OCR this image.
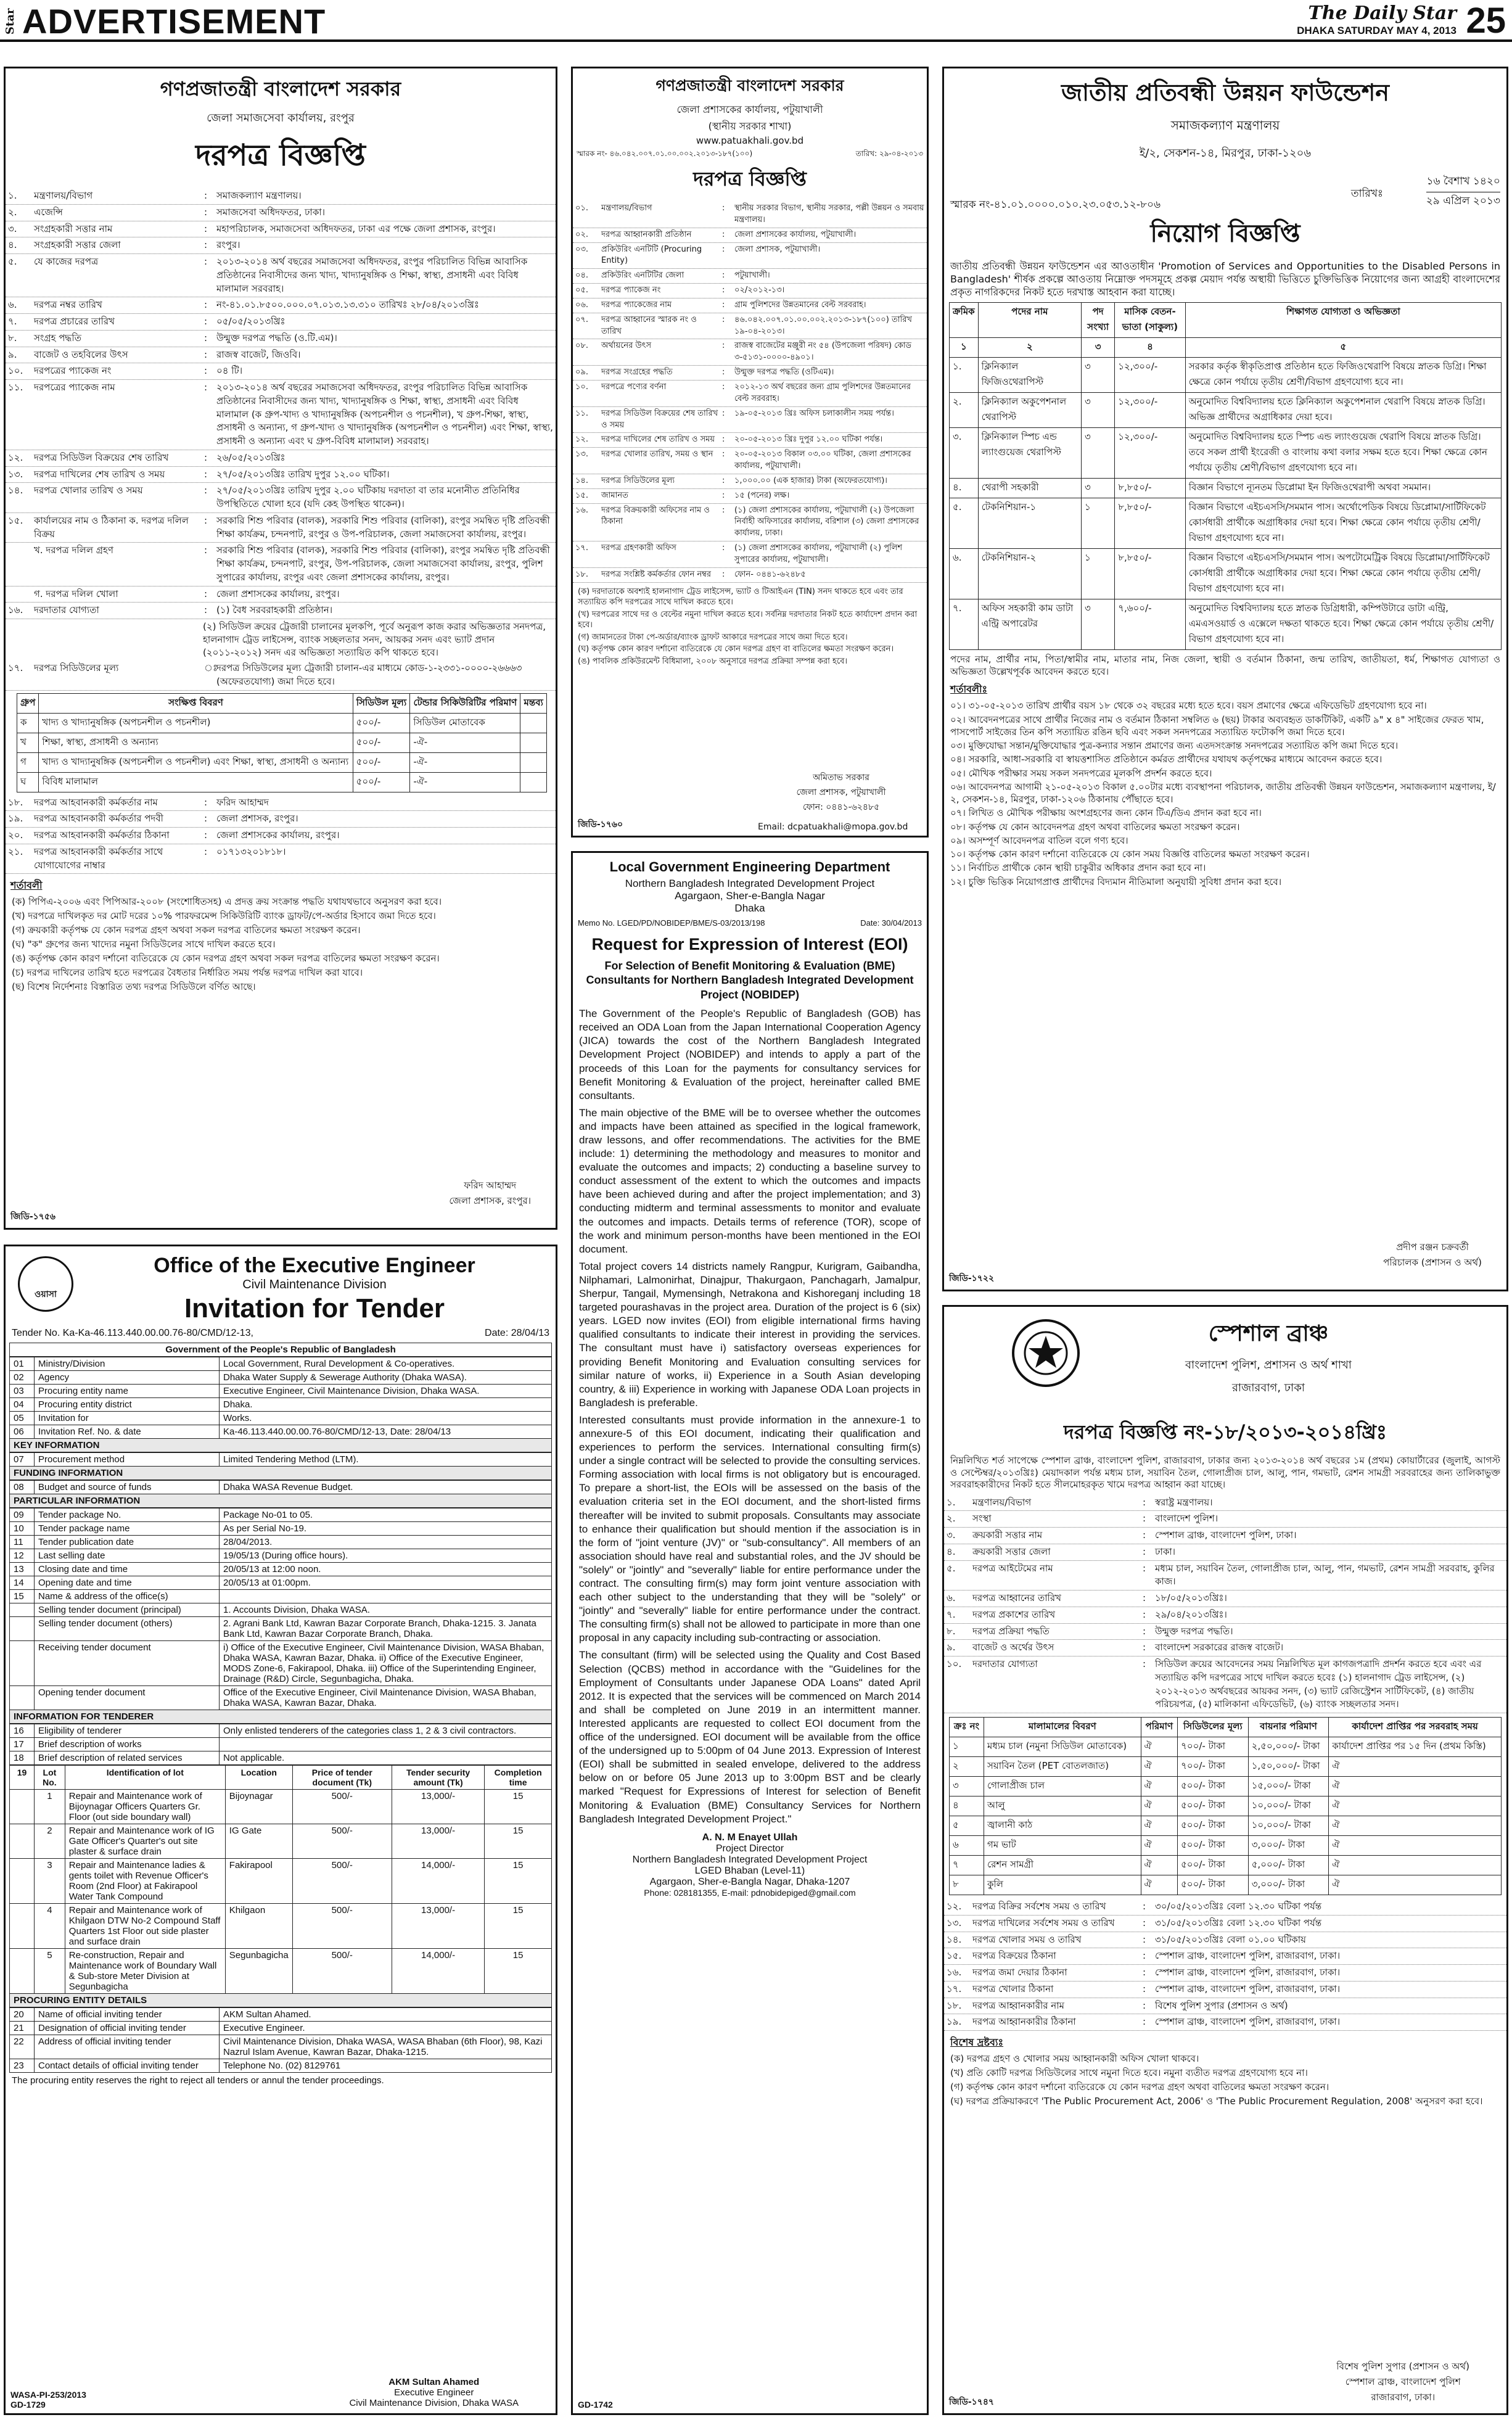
Star ADVERTISEMENT	The Daily Star
DHAKA SATURDAY MAY 4, 2013 25
গণপ্রজাতন্ত্রী বাংলাদেশ সরকার
জেলা সমাজসেবা কার্যালয়, রংপুর
দরপত্র বিজ্ঞপ্তি
১.	মন্ত্রণালয়/বিভাগ	: সমাজকল্যাণ মন্ত্রণালয়।
২.	এজেন্সি	: সমাজসেবা অধিদফতর, ঢাকা।
৩.	সংগ্রহকারী সত্তার নাম	: মহাপরিচালক, সমাজসেবা অধিদফতর, ঢাকা এর পক্ষে জেলা প্রশাসক, রংপুর।
৪.	সংগ্রহকারী সত্তার জেলা	: রংপুর।
৫.	যে কাজের দরপত্র	: ২০১৩-২০১৪ অর্থ বছরের সমাজসেবা অধিদফতর, রংপুর পরিচালিত বিভিন্ন আবাসিক প্রতিষ্ঠানের নিবাসীদের জন্য খাদ্য, খাদ্যানুষঙ্গিক ও শিক্ষা, স্বাস্থ্য, প্রসাধনী এবং বিবিধ মালামাল সরবরাহ।
৬.	দরপত্র নম্বর তারিখ	: নং-৪১.০১.৮৫০০.০০০.০৭.০১৩.১৩.৩১০ তারিখঃ ২৮/০৪/২০১৩খ্রিঃ
৭.	দরপত্র প্রচারের তারিখ	: ০৫/০৫/২০১৩খ্রিঃ
৮.	সংগ্রহ পদ্ধতি	: উন্মুক্ত দরপত্র পদ্ধতি (ও.টি.এম)।
৯.	বাজেট ও তহবিলের উৎস	: রাজস্ব বাজেট, জিওবি।
১০.	দরপত্রের প্যাকেজ নং	: ০৪ টি।
১১.	দরপত্রের প্যাকেজ নাম	: ২০১৩-২০১৪ অর্থ বছরের সমাজসেবা অধিদফতর, রংপুর পরিচালিত বিভিন্ন আবাসিক প্রতিষ্ঠানের নিবাসীদের জন্য খাদ্য, খাদ্যানুষঙ্গিক ও শিক্ষা, স্বাস্থ্য, প্রসাধনী এবং বিবিধ মালামাল (ক গ্রুপ-খাদ্য ও খাদ্যানুষঙ্গিক (অপচনশীল ও পচনশীল), খ গ্রুপ-শিক্ষা, স্বাস্থ্য, প্রসাধনী ও অন্যান্য, গ গ্রুপ-খাদ্য ও খাদ্যানুষঙ্গিক (অপচনশীল ও পচনশীল) এবং শিক্ষা, স্বাস্থ্য, প্রসাধনী ও অন্যান্য এবং ঘ গ্রুপ-বিবিধ মালামাল) সরবরাহ।
১২.	দরপত্র সিডিউল বিক্রয়ের শেষ তারিখ	: ২৬/০৫/২০১৩খ্রিঃ
১৩.	দরপত্র দাখিলের শেষ তারিখ ও সময়	: ২৭/০৫/২০১৩খ্রিঃ তারিখ দুপুর ১২.০০ ঘটিকা।
১৪.	দরপত্র খোলার তারিখ ও সময়	: ২৭/০৫/২০১৩খ্রিঃ তারিখ দুপুর ২.০০ ঘটিকায় দরদাতা বা তার মনোনীত প্রতিনিধির উপস্থিতিতে খোলা হবে (যদি কেহ উপস্থিত থাকেন)।
১৫.	কার্যালয়ের নাম ও ঠিকানা ক. দরপত্র দলিল বিক্রয়
: সরকারি শিশু পরিবার (বালক), সরকারি শিশু পরিবার (বালিকা), রংপুর সমন্বিত দৃষ্টি প্রতিবন্ধী শিক্ষা কার্যক্রম, চন্দনপাট, রংপুর ও উপ-পরিচালক, জেলা সমাজসেবা কার্যালয়, রংপুর।
খ. দরপত্র দলিল গ্রহণ	: সরকারি শিশু পরিবার (বালক), সরকারি শিশু পরিবার (বালিকা), রংপুর সমন্বিত দৃষ্টি প্রতিবন্ধী শিক্ষা কার্যক্রম, চন্দনপাট, রংপুর, উপ-পরিচালক, জেলা সমাজসেবা কার্যালয়, রংপুর, পুলিশ সুপারের কার্যালয়, রংপুর এবং জেলা প্রশাসকের কার্যালয়, রংপুর।
গ. দরপত্র দলিল খোলা	: জেলা প্রশাসকের কার্যালয়, রংপুর।
১৬.	দরদাতার যোগ্যতা	: (১) বৈধ সরবরাহকারী প্রতিষ্ঠান।
(২) সিডিউল ক্রয়ের ট্রেজারী চালানের মূলকপি, পূর্বে অনুরূপ কাজ করার অভিজ্ঞতার সনদপত্র, হালনাগাদ ট্রেড লাইসেন্স, ব্যাংক সচ্ছলতার সনদ, আয়কর সনদ এবং ভ্যাট প্রদান (২০১১-২০১২) সনদ এর অভিজ্ঞতা সত্যায়িত কপি থাকতে হবে।
১৭.	দরপত্র সিডিউলের মূল্য	ঃ
দরপত্র সিডিউলের মূল্য ট্রেজারী চালান-এর মাধ্যমে কোড-১-২৩৩১-০০০০-২৬৬৬৩ (অফেরতযোগ্য) জমা দিতে হবে।
গ্রুপ	সংক্ষিপ্ত বিবরণ	সিডিউল মূল্য	টেন্ডার সিকিউরিটির পরিমাণ	মন্তব্য
ক	খাদ্য ও খাদ্যানুষঙ্গিক (অপচনশীল ও পচনশীল)	৫০০/-	সিডিউল মোতাবেক	
খ	শিক্ষা, স্বাস্থ্য, প্রসাধনী ও অন্যান্য	৫০০/-	-ঐ-	
গ	খাদ্য ও খাদ্যানুষঙ্গিক (অপচনশীল ও পচনশীল) এবং শিক্ষা, স্বাস্থ্য, প্রসাধনী ও অন্যান্য	৫০০/-	-ঐ-	
ঘ	বিবিধ মালামাল	৫০০/-	-ঐ-	
১৮.	দরপত্র আহবানকারী কর্মকর্তার নাম	: ফরিদ আহাম্মদ
১৯.	দরপত্র আহবানকারী কর্মকর্তার পদবী	: জেলা প্রশাসক, রংপুর।
২০.	দরপত্র আহবানকারী কর্মকর্তার ঠিকানা	: জেলা প্রশাসকের কার্যালয়, রংপুর।
২১.	দরপত্র আহবানকারী কর্মকর্তার সাথে যোগাযোগের নাম্বার
: ০১৭১৩২০১৮১৮।
শর্তাবলী
(ক) পিপিএ-২০০৬ এবং পিপিআর-২০০৮ (সংশোধিতসহ) এ প্রদত্ত ক্রয় সংক্রান্ত পদ্ধতি যথাযথভাবে অনুসরণ করা হবে।
(খ) দরপত্রে দাখিলকৃত দর মোট দরের ১০% পারফরমেন্স সিকিউরিটি ব্যাংক ড্রাফট/পে-অর্ডার হিসাবে জমা দিতে হবে।
(গ) ক্রয়কারী কর্তৃপক্ষ যে কোন দরপত্র গ্রহণ অথবা সকল দরপত্র বাতিলের ক্ষমতা সংরক্ষণ করেন।
(ঘ) "ক" গ্রুপের জন্য খাদ্যের নমুনা সিডিউলের সাথে দাখিল করতে হবে।
(ঙ) কর্তৃপক্ষ কোন কারণ দর্শানো ব্যতিরেকে যে কোন দরপত্র গ্রহণ অথবা সকল দরপত্র বাতিলের ক্ষমতা সংরক্ষণ করেন।
(চ) দরপত্র দাখিলের তারিখ হতে দরপত্রের বৈধতার নির্ধারিত সময় পর্যন্ত দরপত্র দাখিল করা যাবে।
(ছ) বিশেষ নির্দেশনাঃ বিস্তারিত তথ্য দরপত্র সিডিউলে বর্ণিত আছে।
ফরিদ আহাম্মদ
জেলা প্রশাসক, রংপুর।
জিডি-১৭৫৬
গণপ্রজাতন্ত্রী বাংলাদেশ সরকার
জেলা প্রশাসকের কার্যালয়, পটুয়াখালী
(স্থানীয় সরকার শাখা)
www.patuakhali.gov.bd
স্মারক নং- ৪৬.০৪২.০০৭.০১.০০.০০২.২০১৩-১৮৭(১০০)	তারিখ: ২৯-০৪-২০১৩
দরপত্র বিজ্ঞপ্তি
০১.	মন্ত্রণালয়/বিভাগ	:	স্থানীয় সরকার বিভাগ, স্থানীয় সরকার, পল্লী উন্নয়ন ও সমবায় মন্ত্রণালয়।
০২.	দরপত্র আহ্বানকারী প্রতিষ্ঠান	:	জেলা প্রশাসকের কার্যালয়, পটুয়াখালী।
০৩.	প্রকিউরিং এনটিটি (Procuring Entity)
:	জেলা প্রশাসক, পটুয়াখালী।
০৪.	প্রকিউরিং এনটিটির জেলা	:	পটুয়াখালী।
০৫.	দরপত্র প্যাকেজ নং	:	০২/২০১২-১৩।
০৬.	দরপত্র প্যাকেজের নাম	:	গ্রাম পুলিশদের উন্নতমানের বেল্ট সরবরাহ।
০৭.	দরপত্র আহ্বানের স্মারক নং ও তারিখ
:	৪৬.০৪২.০০৭.০১.০০.০০২.২০১৩-১৮৭(১০০) তারিখ ১৯-০৪-২০১৩।
০৮.	অর্থায়নের উৎস	:	রাজস্ব বাজেটের মঞ্জুরী নং ৫৪ (উপজেলা পরিষদ) কোড ৩-৫১৩১-০০০০-৪৯০১।
০৯.	দরপত্র সংগ্রহের পদ্ধতি	:	উন্মুক্ত দরপত্র পদ্ধতি (ওটিএম)।
১০.	দরপত্রে পণ্যের বর্ণনা	:	২০১২-১৩ অর্থ বছরের জন্য গ্রাম পুলিশদের উন্নতমানের বেল্ট সরবরাহ।
১১.	দরপত্র সিডিউল বিক্রয়ের শেষ তারিখ ও সময়
:	১৯-০৫-২০১৩ খ্রিঃ অফিস চলাকালীন সময় পর্যন্ত।
১২.	দরপত্র দাখিলের শেষ তারিখ ও সময় :	২০-০৫-২০১৩ খ্রিঃ দুপুর ১২.০০ ঘটিকা পর্যন্ত।
১৩.	দরপত্র খোলার তারিখ, সময় ও স্থান	:	২০-০৫-২০১৩ বিকাল ০৩.০০ ঘটিকা, জেলা প্রশাসকের কার্যালয়, পটুয়াখালী।
১৪.	দরপত্র সিডিউলের মূল্য	:	১,০০০.০০ (এক হাজার) টাকা (অফেরতযোগ্য)।
১৫.	জামানত	:	১৫ (পনের) লক্ষ।
১৬.	দরপত্র বিক্রয়কারী অফিসের নাম ও ঠিকানা
:	(১) জেলা প্রশাসকের কার্যালয়, পটুয়াখালী (২) উপজেলা নির্বাহী অফিসারের কার্যালয়, বরিশাল (৩) জেলা প্রশাসকের কার্যালয়, ঢাকা।
১৭.	দরপত্র গ্রহণকারী অফিস	:	(১) জেলা প্রশাসকের কার্যালয়, পটুয়াখালী (২) পুলিশ সুপারের কার্যালয়, পটুয়াখালী।
১৮.	দরপত্র সংশ্লিষ্ট কর্মকর্তার ফোন নম্বর	:	ফোন- ০৪৪১-৬২৪৮৫
(ক) দরদাতাকে অবশ্যই হালনাগাদ ট্রেড লাইসেন্স, ভ্যাট ও টিআইএন (TIN) সনদ থাকতে হবে এবং তার সত্যায়িত কপি দরপত্রের সাথে দাখিল করতে হবে।
(খ) দরপত্রের সাথে দর ও বেল্টের নমুনা দাখিল করতে হবে। সর্বনিম্ন দরদাতার নিকট হতে কার্যাদেশ প্রদান করা হবে।
(গ) জামানতের টাকা পে-অর্ডার/ব্যাংক ড্রাফট আকারে দরপত্রের সাথে জমা দিতে হবে।
(ঘ) কর্তৃপক্ষ কোন কারণ দর্শানো ব্যতিরেকে যে কোন দরপত্র গ্রহণ বা বাতিলের ক্ষমতা সংরক্ষণ করেন।
(ঙ) পাবলিক প্রকিউরমেন্ট বিধিমালা, ২০০৮ অনুসারে দরপত্র প্রক্রিয়া সম্পন্ন করা হবে।
অমিতাভ সরকার
জেলা প্রশাসক, পটুয়াখালী
ফোন: ০৪৪১-৬২৪৮৫
Email: dcpatuakhali@mopa.gov.bd
জিডি-১৭৬০
জাতীয় প্রতিবন্ধী উন্নয়ন ফাউন্ডেশন
সমাজকল্যাণ মন্ত্রণালয়
ই/২, সেকশন-১৪, মিরপুর, ঢাকা-১২০৬
স্মারক নং-৪১.০১.০০০০.০১০.২৩.০৫৩.১২-৮০৬
তারিখঃ
১৬ বৈশাখ ১৪২০
২৯ এপ্রিল ২০১৩
নিয়োগ বিজ্ঞপ্তি

জাতীয় প্রতিবন্ধী উন্নয়ন ফাউন্ডেশন এর আওতাধীন 'Promotion of Services and Opportunities to the Disabled Persons in Bangladesh' শীর্ষক প্রকল্পে আওতায় নিম্নোক্ত পদসমূহে প্রকল্প মেয়াদ পর্যন্ত অস্থায়ী ভিত্তিতে চুক্তিভিত্তিক নিয়োগের জন্য আগ্রহী বাংলাদেশের প্রকৃত নাগরিকদের নিকট হতে দরখাস্ত আহবান করা যাচ্ছে।

ক্রমিক	পদের নাম	পদ সংখ্যা	মাসিক বেতন-ভাতা (সাকুল্য)	শিক্ষাগত যোগ্যতা ও অভিজ্ঞতা
১	২	৩	৪	৫
১.	ক্লিনিক্যাল ফিজিওথেরাপিস্ট	৩	১২,৩০০/-	সরকার কর্তৃক স্বীকৃতিপ্রাপ্ত প্রতিষ্ঠান হতে ফিজিওথেরাপি বিষয়ে স্নাতক ডিগ্রি। শিক্ষা ক্ষেত্রে কোন পর্যায়ে তৃতীয় শ্রেণী/বিভাগ গ্রহণযোগ্য হবে না।
২.	ক্লিনিক্যাল অকুপেশনাল থেরাপিস্ট	৩	১২,৩০০/-	অনুমোদিত বিশ্ববিদ্যালয় হতে ক্লিনিক্যাল অকুপেশনাল থেরাপি বিষয়ে স্নাতক ডিগ্রি। অভিজ্ঞ প্রার্থীদের অগ্রাধিকার দেয়া হবে।
৩.	ক্লিনিক্যাল স্পিচ এন্ড ল্যাংগুয়েজ থেরাপিস্ট	৩	১২,৩০০/-	অনুমোদিত বিশ্ববিদ্যালয় হতে স্পিচ এন্ড ল্যাংগুয়েজ থেরাপি বিষয়ে স্নাতক ডিগ্রি। তবে সকল প্রার্থী ইংরেজী ও বাংলায় কথা বলার সক্ষম হতে হবে। শিক্ষা ক্ষেত্রে কোন পর্যায়ে তৃতীয় শ্রেণী/বিভাগ গ্রহণযোগ্য হবে না।
৪.	থেরাপী সহকারী	৩	৮,৮৫০/-	বিজ্ঞান বিভাগে ন্যূনতম ডিপ্লোমা ইন ফিজিওথেরাপী অথবা সমমান।
৫.	টেকনিশিয়ান-১	১	৮,৮৫০/-	বিজ্ঞান বিভাগে এইচএসসি/সমমান পাস। অর্থোপেডিক বিষয়ে ডিপ্লোমা/সার্টিফিকেট কোর্সধারী প্রার্থীকে অগ্রাধিকার দেয়া হবে। শিক্ষা ক্ষেত্রে কোন পর্যায়ে তৃতীয় শ্রেণী/বিভাগ গ্রহণযোগ্য হবে না।
৬.	টেকনিশিয়ান-২	১	৮,৮৫০/-	বিজ্ঞান বিভাগে এইচএসসি/সমমান পাস। অপটোমেট্রিক বিষয়ে ডিপ্লোমা/সার্টিফিকেট কোর্সধারী প্রার্থীকে অগ্রাধিকার দেয়া হবে। শিক্ষা ক্ষেত্রে কোন পর্যায়ে তৃতীয় শ্রেণী/বিভাগ গ্রহণযোগ্য হবে না।
৭.	অফিস সহকারী কাম ডাটা এন্ট্রি অপারেটর	৩	৭,৬০০/-	অনুমোদিত বিশ্ববিদ্যালয় হতে স্নাতক ডিগ্রিধারী, কম্পিউটারে ডাটা এন্ট্রি, এমএসওয়ার্ড ও এক্সেলে দক্ষতা থাকতে হবে। শিক্ষা ক্ষেত্রে কোন পর্যায়ে তৃতীয় শ্রেণী/বিভাগ গ্রহণযোগ্য হবে না।

পদের নাম, প্রার্থীর নাম, পিতা/স্বামীর নাম, মাতার নাম, নিজ জেলা, স্থায়ী ও বর্তমান ঠিকানা, জন্ম তারিখ, জাতীয়তা, ধর্ম, শিক্ষাগত যোগ্যতা ও অভিজ্ঞতা উল্লেখপূর্বক আবেদন করতে হবে।

শর্তাবলীঃ
০১। ৩১-০৫-২০১৩ তারিখ প্রার্থীর বয়স ১৮ থেকে ৩২ বছরের মধ্যে হতে হবে। বয়স প্রমাণের ক্ষেত্রে এফিডেভিট গ্রহণযোগ্য হবে না।
০২। আবেদনপত্রের সাথে প্রার্থীর নিজের নাম ও বর্তমান ঠিকানা সম্বলিত ৬ (ছয়) টাকার অব্যবহৃত ডাকটিকিট, একটি ৯" x ৪" সাইজের ফেরত খাম, পাসপোর্ট সাইজের তিন কপি সত্যায়িত রঙিন ছবি এবং সকল সনদপত্রের সত্যায়িত ফটোকপি জমা দিতে হবে।
০৩। মুক্তিযোদ্ধা সন্তান/মুক্তিযোদ্ধার পুত্র-কন্যার সন্তান প্রমাণের জন্য এতদসংক্রান্ত সনদপত্রের সত্যায়িত কপি জমা দিতে হবে।
০৪। সরকারি, আধা-সরকারি বা স্বায়ত্তশাসিত প্রতিষ্ঠানে কর্মরত প্রার্থীদের যথাযথ কর্তৃপক্ষের মাধ্যমে আবেদন করতে হবে।
০৫। মৌখিক পরীক্ষার সময় সকল সনদপত্রের মূলকপি প্রদর্শন করতে হবে।
০৬। আবেদনপত্র আগামী ২১-০৫-২০১৩ বিকাল ৫.০০টার মধ্যে ব্যবস্থাপনা পরিচালক, জাতীয় প্রতিবন্ধী উন্নয়ন ফাউন্ডেশন, সমাজকল্যাণ মন্ত্রণালয়, ই/২, সেকশন-১৪, মিরপুর, ঢাকা-১২০৬ ঠিকানায় পৌঁছাতে হবে।
০৭। লিখিত ও মৌখিক পরীক্ষায় অংশগ্রহণের জন্য কোন টিএ/ডিএ প্রদান করা হবে না।
০৮। কর্তৃপক্ষ যে কোন আবেদনপত্র গ্রহণ অথবা বাতিলের ক্ষমতা সংরক্ষণ করেন।
০৯। অসম্পূর্ণ আবেদনপত্র বাতিল বলে গণ্য হবে।
১০। কর্তৃপক্ষ কোন কারণ দর্শানো ব্যতিরেকে যে কোন সময় বিজ্ঞপ্তি বাতিলের ক্ষমতা সংরক্ষণ করেন।
১১। নির্বাচিত প্রার্থীকে কোন স্থায়ী চাকুরীর অধিকার প্রদান করা হবে না।
১২। চুক্তি ভিত্তিক নিয়োগপ্রাপ্ত প্রার্থীদের বিদ্যমান নীতিমালা অনুযায়ী সুবিধা প্রদান করা হবে।
প্রদীপ রঞ্জন চক্রবর্তী
পরিচালক (প্রশাসন ও অর্থ)
জিডি-১৭২২
ওয়াসা
Office of the Executive Engineer
Civil Maintenance Division
Invitation for Tender
Tender No. Ka-Ka-46.113.440.00.00.76-80/CMD/12-13,	Date: 28/04/13
Government of the People's Republic of Bangladesh
01	Ministry/Division	Local Government, Rural Development & Co-operatives.
02	Agency	Dhaka Water Supply & Sewerage Authority (Dhaka WASA).
03	Procuring entity name	Executive Engineer, Civil Maintenance Division, Dhaka WASA.
04	Procuring entity district	Dhaka.
05	Invitation for	Works.
06	Invitation Ref. No. & date	Ka-46.113.440.00.00.76-80/CMD/12-13, Date: 28/04/13
KEY INFORMATION
07	Procurement method	Limited Tendering Method (LTM).
FUNDING INFORMATION
08	Budget and source of funds	Dhaka WASA Revenue Budget.
PARTICULAR INFORMATION
09	Tender package No.	Package No-01 to 05.
10	Tender package name	As per Serial No-19.
11	Tender publication date	28/04/2013.
12	Last selling date	19/05/13 (During office hours).
13	Closing date and time	20/05/13 at 12:00 noon.
14	Opening date and time	20/05/13 at 01:00pm.
15	Name & address of the office(s)	
	Selling tender document (principal)	1. Accounts Division, Dhaka WASA.
	Selling tender document (others)	2. Agrani Bank Ltd, Kawran Bazar Corporate Branch, Dhaka-1215. 3. Janata Bank Ltd, Kawran Bazar Corporate Branch, Dhaka.
	Receiving tender document	i) Office of the Executive Engineer, Civil Maintenance Division, WASA Bhaban, Dhaka WASA, Kawran Bazar, Dhaka. ii) Office of the Executive Engineer, MODS Zone-6, Fakirapool, Dhaka. iii) Office of the Superintending Engineer, Drainage (R&D) Circle, Segunbagicha, Dhaka.
	Opening tender document	Office of the Executive Engineer, Civil Maintenance Division, WASA Bhaban, Dhaka WASA, Kawran Bazar, Dhaka.
INFORMATION FOR TENDERER
16	Eligibility of tenderer	Only enlisted tenderers of the categories class 1, 2 & 3 civil contractors.
17	Brief description of works	
18	Brief description of related services	Not applicable.
19	Lot No.	Identification of lot	Location	Price of tender document (Tk)	Tender security amount (Tk)	Completion time
	1	Repair and Maintenance work of Bijoynagar Officers Quarters Gr. Floor (out side boundary wall)	Bijoynagar	500/-	13,000/-	15
	2	Repair and Maintenance work of IG Gate Officer's Quarter's out site plaster & surface drain	IG Gate	500/-	13,000/-	15
	3	Repair and Maintenance ladies & gents toilet with Revenue Officer's Room (2nd Floor) at Fakirapool Water Tank Compound	Fakirapool	500/-	14,000/-	15
	4	Repair and Maintenance work of Khilgaon DTW No-2 Compound Staff Quarters 1st Floor out side plaster and surface drain	Khilgaon	500/-	13,000/-	15
	5	Re-construction, Repair and Maintenance work of Boundary Wall & Sub-store Meter Division at Segunbagicha	Segunbagicha	500/-	14,000/-	15
PROCURING ENTITY DETAILS
20	Name of official inviting tender	AKM Sultan Ahamed.
21	Designation of official inviting tender	Executive Engineer.
22	Address of official inviting tender	Civil Maintenance Division, Dhaka WASA, WASA Bhaban (6th Floor), 98, Kazi Nazrul Islam Avenue, Kawran Bazar, Dhaka-1215.
23	Contact details of official inviting tender	Telephone No. (02) 8129761
The procuring entity reserves the right to reject all tenders or annul the tender proceedings.
WASA-PI-253/2013
AKM Sultan Ahamed
Executive Engineer
Civil Maintenance Division, Dhaka WASA
GD-1729
Local Government Engineering Department
Northern Bangladesh Integrated Development Project
Agargaon, Sher-e-Bangla Nagar
Dhaka
Memo No. LGED/PD/NOBIDEP/BME/S-03/2013/198	Date: 30/04/2013
Request for Expression of Interest (EOI)
For Selection of Benefit Monitoring & Evaluation (BME) Consultants for Northern Bangladesh Integrated Development Project (NOBIDEP)

The Government of the People's Republic of Bangladesh (GOB) has received an ODA Loan from the Japan International Cooperation Agency (JICA) towards the cost of the Northern Bangladesh Integrated Development Project (NOBIDEP) and intends to apply a part of the proceeds of this Loan for the payments for consultancy services for Benefit Monitoring & Evaluation of the project, hereinafter called BME consultants.

The main objective of the BME will be to oversee whether the outcomes and impacts have been attained as specified in the logical framework, draw lessons, and offer recommendations. The activities for the BME include: 1) determining the methodology and measures to monitor and evaluate the outcomes and impacts; 2) conducting a baseline survey to conduct assessment of the extent to which the outcomes and impacts have been achieved during and after the project implementation; and 3) conducting midterm and terminal assessments to monitor and evaluate the outcomes and impacts. Details terms of reference (TOR), scope of the work and minimum person-months have been mentioned in the EOI document.

Total project covers 14 districts namely Rangpur, Kurigram, Gaibandha, Nilphamari, Lalmonirhat, Dinajpur, Thakurgaon, Panchagarh, Jamalpur, Sherpur, Tangail, Mymensingh, Netrakona and Kishoreganj including 18 targeted pourashavas in the project area. Duration of the project is 6 (six) years. LGED now invites (EOI) from eligible international firms having qualified consultants to indicate their interest in providing the services. The consultant must have i) satisfactory overseas experiences for providing Benefit Monitoring and Evaluation consulting services for similar nature of works, ii) Experience in a South Asian developing country, & iii) Experience in working with Japanese ODA Loan projects in Bangladesh is preferable.

Interested consultants must provide information in the annexure-1 to annexure-5 of this EOI document, indicating their qualification and experiences to perform the services. International consulting firm(s) under a single contract will be selected to provide the consulting services. Forming association with local firms is not obligatory but is encouraged. To prepare a short-list, the EOIs will be assessed on the basis of the evaluation criteria set in the EOI document, and the short-listed firms thereafter will be invited to submit proposals. Consultants may associate to enhance their qualification but should mention if the association is in the form of "joint venture (JV)" or "sub-consultancy". All members of an association should have real and substantial roles, and the JV should be "solely" or "jointly" and "severally" liable for entire performance under the contract. The consulting firm(s) may form joint venture association with each other subject to the understanding that they will be "solely" or "jointly" and "severally" liable for entire performance under the contract. The consulting firm(s) shall not be allowed to participate in more than one proposal in any capacity including sub-contracting or association.

The consultant (firm) will be selected using the Quality and Cost Based Selection (QCBS) method in accordance with the "Guidelines for the Employment of Consultants under Japanese ODA Loans" dated April 2012. It is expected that the services will be commenced on March 2014 and shall be completed on June 2019 in an intermittent manner. Interested applicants are requested to collect EOI document from the office of the undersigned. EOI document will be available from the office of the undersigned up to 5:00pm of 04 June 2013. Expression of Interest (EOI) shall be submitted in sealed envelope, delivered to the address below on or before 05 June 2013 up to 3:00pm BST and be clearly marked "Request for Expressions of Interest for selection of Benefit Monitoring & Evaluation (BME) Consultancy Services for Northern Bangladesh Integrated Development Project."

A. N. M Enayet Ullah
Project Director
Northern Bangladesh Integrated Development Project
LGED Bhaban (Level-11)
Agargaon, Sher-e-Bangla Nagar, Dhaka-1207
Phone: 028181355, E-mail: pdnobidepiged@gmail.com
GD-1742
স্পেশাল ব্রাঞ্চ
বাংলাদেশ পুলিশ, প্রশাসন ও অর্থ শাখা
রাজারবাগ, ঢাকা
দরপত্র বিজ্ঞপ্তি নং-১৮/২০১৩-২০১৪খ্রিঃ

নিম্নলিখিত শর্ত সাপেক্ষে স্পেশাল ব্রাঞ্চ, বাংলাদেশ পুলিশ, রাজারবাগ, ঢাকার জন্য ২০১৩-২০১৪ অর্থ বছরের ১ম (প্রথম) কোয়ার্টারের (জুলাই, আগস্ট ও সেপ্টেম্বর/২০১৩খ্রিঃ) মেয়াদকাল পর্যন্ত মধ্যম চাল, সয়াবিন তৈল, গোলাপ্রীজ চাল, আলু, পান, গমভাট, রেশন সামগ্রী সরবরাহের জন্য তালিকাভুক্ত সরবরাহকারীদের নিকট হতে সীলমোহরকৃত খামে দরপত্র আহ্বান করা যাচ্ছে।

১.	মন্ত্রণালয়/বিভাগ	: স্বরাষ্ট্র মন্ত্রণালয়।
২.	সংস্থা	: বাংলাদেশ পুলিশ।
৩.	ক্রয়কারী সত্তার নাম	: স্পেশাল ব্রাঞ্চ, বাংলাদেশ পুলিশ, ঢাকা।
৪.	ক্রয়কারী সত্তার জেলা	: ঢাকা।
৫.	দরপত্র আইটেমের নাম	: মধ্যম চাল, সয়াবিন তৈল, গোলাপ্রীজ চাল, আলু, পান, গমভাট, রেশন সামগ্রী সরবরাহ, কুলির কাজ।
৬.	দরপত্র আহ্বানের তারিখ	: ১৮/০৫/২০১৩খ্রিঃ।
৭.	দরপত্র প্রকাশের তারিখ	: ২৯/০৪/২০১৩খ্রিঃ।
৮.	দরপত্র প্রক্রিয়া পদ্ধতি	: উন্মুক্ত দরপত্র পদ্ধতি।
৯.	বাজেট ও অর্থের উৎস	: বাংলাদেশ সরকারের রাজস্ব বাজেট।
১০.	দরদাতার যোগ্যতা	: সিডিউল ক্রয়ের আবেদনের সময় নিম্নলিখিত মূল কাগজপত্রাদি প্রদর্শন করতে হবে এবং এর সত্যায়িত কপি দরপত্রের সাথে দাখিল করতে হবেঃ (১) হালনাগাদ ট্রেড লাইসেন্স, (২) ২০১২-২০১৩ অর্থবছরের আয়কর সনদ, (৩) ভ্যাট রেজিস্ট্রেশন সার্টিফিকেট, (৪) জাতীয় পরিচয়পত্র, (৫) মালিকানা এফিডেভিট, (৬) ব্যাংক সচ্ছলতার সনদ।
ক্রঃ নং	মালামালের বিবরণ	পরিমাণ	সিডিউলের মূল্য	বায়নার পরিমাণ	কার্যাদেশ প্রাপ্তির পর সরবরাহ সময়
১	মধ্যম চাল (নমুনা সিডিউল মোতাবেক)	ঐ	৭০০/- টাকা	২,৫০,০০০/- টাকা	কার্যাদেশ প্রাপ্তির পর ১৫ দিন (প্রথম কিস্তি)
২	সয়াবিন তৈল (PET বোতলজাত)	ঐ	৭০০/- টাকা	১,৫০,০০০/- টাকা	ঐ
৩	গোলাপ্রীজ চাল	ঐ	৫০০/- টাকা	১৫,০০০/- টাকা	ঐ
৪	আলু	ঐ	৫০০/- টাকা	১০,০০০/- টাকা	ঐ
৫	জ্বালানী কাঠ	ঐ	৫০০/- টাকা	১০,০০০/- টাকা	ঐ
৬	গম ভাট	ঐ	৫০০/- টাকা	৩,০০০/- টাকা	ঐ
৭	রেশন সামগ্রী	ঐ	৫০০/- টাকা	৫,০০০/- টাকা	ঐ
৮	কুলি	ঐ	৫০০/- টাকা	৩,০০০/- টাকা	ঐ
১২.	দরপত্র বিক্রির সর্বশেষ সময় ও তারিখ	: ৩০/০৫/২০১৩খ্রিঃ বেলা ১২.৩০ ঘটিকা পর্যন্ত
১৩.	দরপত্র দাখিলের সর্বশেষ সময় ও তারিখ	: ৩১/০৫/২০১৩খ্রিঃ বেলা ১২.৩০ ঘটিকা পর্যন্ত
১৪.	দরপত্র খোলার সময় ও তারিখ	: ৩১/০৫/২০১৩খ্রিঃ বেলা ০১.০০ ঘটিকায়
১৫.	দরপত্র বিক্রয়ের ঠিকানা	: স্পেশাল ব্রাঞ্চ, বাংলাদেশ পুলিশ, রাজারবাগ, ঢাকা।
১৬.	দরপত্র জমা দেয়ার ঠিকানা	: স্পেশাল ব্রাঞ্চ, বাংলাদেশ পুলিশ, রাজারবাগ, ঢাকা।
১৭.	দরপত্র খোলার ঠিকানা	: স্পেশাল ব্রাঞ্চ, বাংলাদেশ পুলিশ, রাজারবাগ, ঢাকা।
১৮.	দরপত্র আহ্বানকারীর নাম	: বিশেষ পুলিশ সুপার (প্রশাসন ও অর্থ)
১৯.	দরপত্র আহ্বানকারীর ঠিকানা	: স্পেশাল ব্রাঞ্চ, বাংলাদেশ পুলিশ, রাজারবাগ, ঢাকা।
বিশেষ দ্রষ্টব্যঃ
(ক) দরপত্র গ্রহণ ও খোলার সময় আহ্বানকারী অফিস খোলা থাকবে।
(খ) প্রতি কোটি দরপত্র সিডিউলের সাথে নমুনা দিতে হবে। নমুনা ব্যতীত দরপত্র গ্রহণযোগ্য হবে না।
(গ) কর্তৃপক্ষ কোন কারণ দর্শানো ব্যতিরেকে যে কোন দরপত্র গ্রহণ অথবা বাতিলের ক্ষমতা সংরক্ষণ করেন।
(ঘ) দরপত্র প্রক্রিয়াকরণে 'The Public Procurement Act, 2006' ও 'The Public Procurement Regulation, 2008' অনুসরণ করা হবে।
বিশেষ পুলিশ সুপার (প্রশাসন ও অর্থ)
স্পেশাল ব্রাঞ্চ, বাংলাদেশ পুলিশ
রাজারবাগ, ঢাকা।
জিডি-১৭৪৭
